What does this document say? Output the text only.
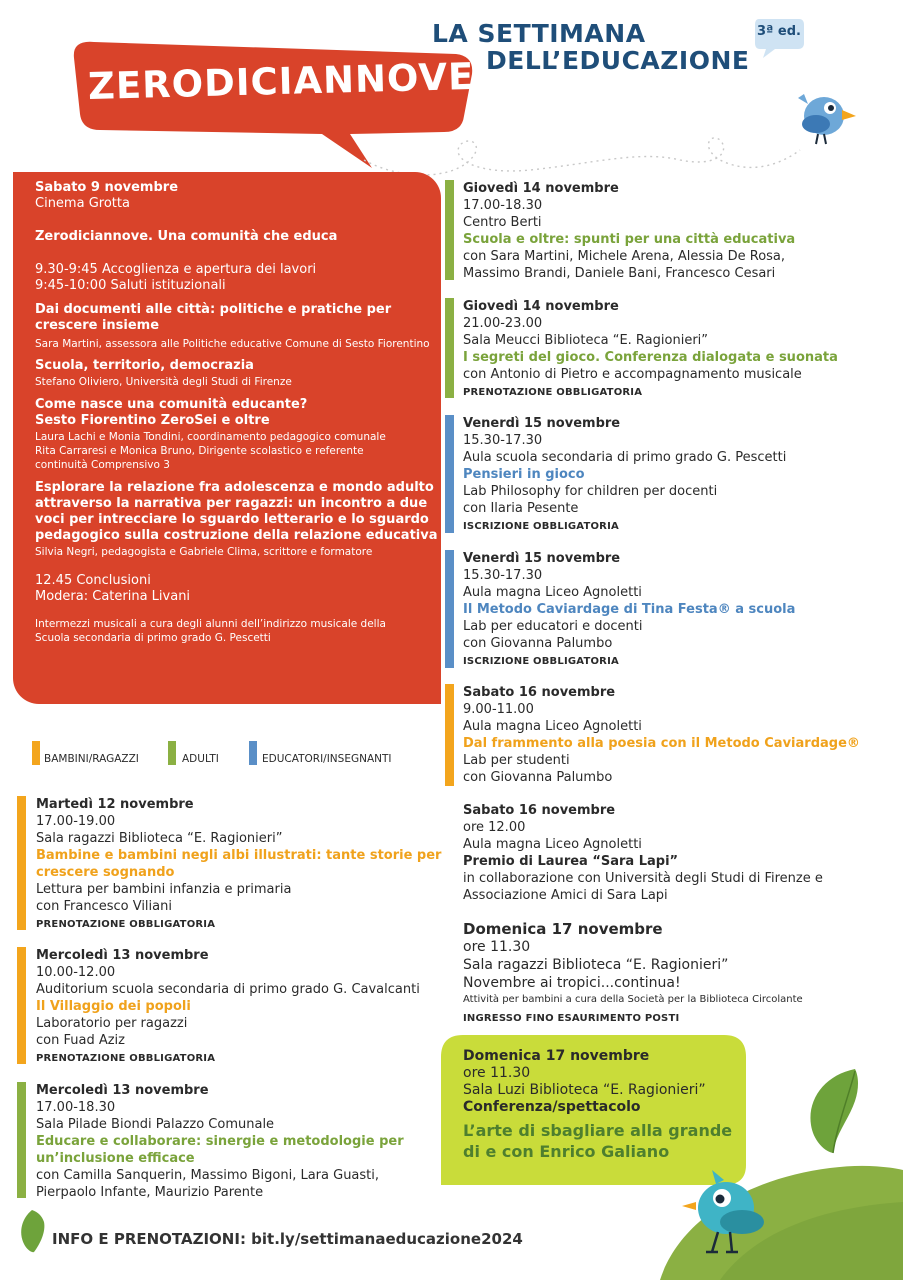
ZERODICIANNOVE
LA SETTIMANA
DELL’EDUCAZIONE
3ª ed.

Sabato 9 novembre

Cinema Grotta

Zerodiciannove. Una comunità che educa

9.30-9:45 Accoglienza e apertura dei lavori

9:45-10:00 Saluti istituzionali

Dai documenti alle città: politiche e pratiche per

crescere insieme

Sara Martini, assessora alle Politiche educative Comune di Sesto Fiorentino

Scuola, territorio, democrazia

Stefano Oliviero, Università degli Studi di Firenze

Come nasce una comunità educante?

Sesto Fiorentino ZeroSei e oltre

Laura Lachi e Monia Tondini, coordinamento pedagogico comunale

Rita Carraresi e Monica Bruno, Dirigente scolastico e referente

continuità Comprensivo 3

Esplorare la relazione fra adolescenza e mondo adulto

attraverso la narrativa per ragazzi: un incontro a due

voci per intrecciare lo sguardo letterario e lo sguardo

pedagogico sulla costruzione della relazione educativa

Silvia Negri, pedagogista e Gabriele Clima, scrittore e formatore

12.45 Conclusioni

Modera: Caterina Livani

Intermezzi musicali a cura degli alunni dell’indirizzo musicale della

Scuola secondaria di primo grado G. Pescetti

BAMBINI/RAGAZZI	ADULTI	EDUCATORI/INSEGNANTI
Martedì 12 novembre
17.00-19.00
Sala ragazzi Biblioteca “E. Ragionieri”
Bambine e bambini negli albi illustrati: tante storie per
crescere sognando
Lettura per bambini infanzia e primaria
con Francesco Viliani
PRENOTAZIONE OBBLIGATORIA
Mercoledì 13 novembre
10.00-12.00
Auditorium scuola secondaria di primo grado G. Cavalcanti
Il Villaggio dei popoli
Laboratorio per ragazzi
con Fuad Aziz
PRENOTAZIONE OBBLIGATORIA
Mercoledì 13 novembre
17.00-18.30
Sala Pilade Biondi Palazzo Comunale
Educare e collaborare: sinergie e metodologie per
un’inclusione efficace
con Camilla Sanquerin, Massimo Bigoni, Lara Guasti,
Pierpaolo Infante, Maurizio Parente
Giovedì 14 novembre
17.00-18.30
Centro Berti
Scuola e oltre: spunti per una città educativa
con Sara Martini, Michele Arena, Alessia De Rosa,
Massimo Brandi, Daniele Bani, Francesco Cesari
Giovedì 14 novembre
21.00-23.00
Sala Meucci Biblioteca “E. Ragionieri”
I segreti del gioco. Conferenza dialogata e suonata
con Antonio di Pietro e accompagnamento musicale
PRENOTAZIONE OBBLIGATORIA
Venerdì 15 novembre
15.30-17.30
Aula scuola secondaria di primo grado G. Pescetti
Pensieri in gioco
Lab Philosophy for children per docenti
con Ilaria Pesente
ISCRIZIONE OBBLIGATORIA
Venerdì 15 novembre
15.30-17.30
Aula magna Liceo Agnoletti
Il Metodo Caviardage di Tina Festa® a scuola
Lab per educatori e docenti
con Giovanna Palumbo
ISCRIZIONE OBBLIGATORIA
Sabato 16 novembre
9.00-11.00
Aula magna Liceo Agnoletti
Dal frammento alla poesia con il Metodo Caviardage®
Lab per studenti
con Giovanna Palumbo
Sabato 16 novembre
ore 12.00
Aula magna Liceo Agnoletti
Premio di Laurea “Sara Lapi”
in collaborazione con Università degli Studi di Firenze e
Associazione Amici di Sara Lapi
Domenica 17 novembre
ore 11.30
Sala ragazzi Biblioteca “E. Ragionieri”
Novembre ai tropici...continua!
Attività per bambini a cura della Società per la Biblioteca Circolante
INGRESSO FINO ESAURIMENTO POSTI
Domenica 17 novembre
ore 11.30
Sala Luzi Biblioteca “E. Ragionieri”
Conferenza/spettacolo
L’arte di sbagliare alla grande
di e con Enrico Galiano
INFO E PRENOTAZIONI: bit.ly/settimanaeducazione2024
